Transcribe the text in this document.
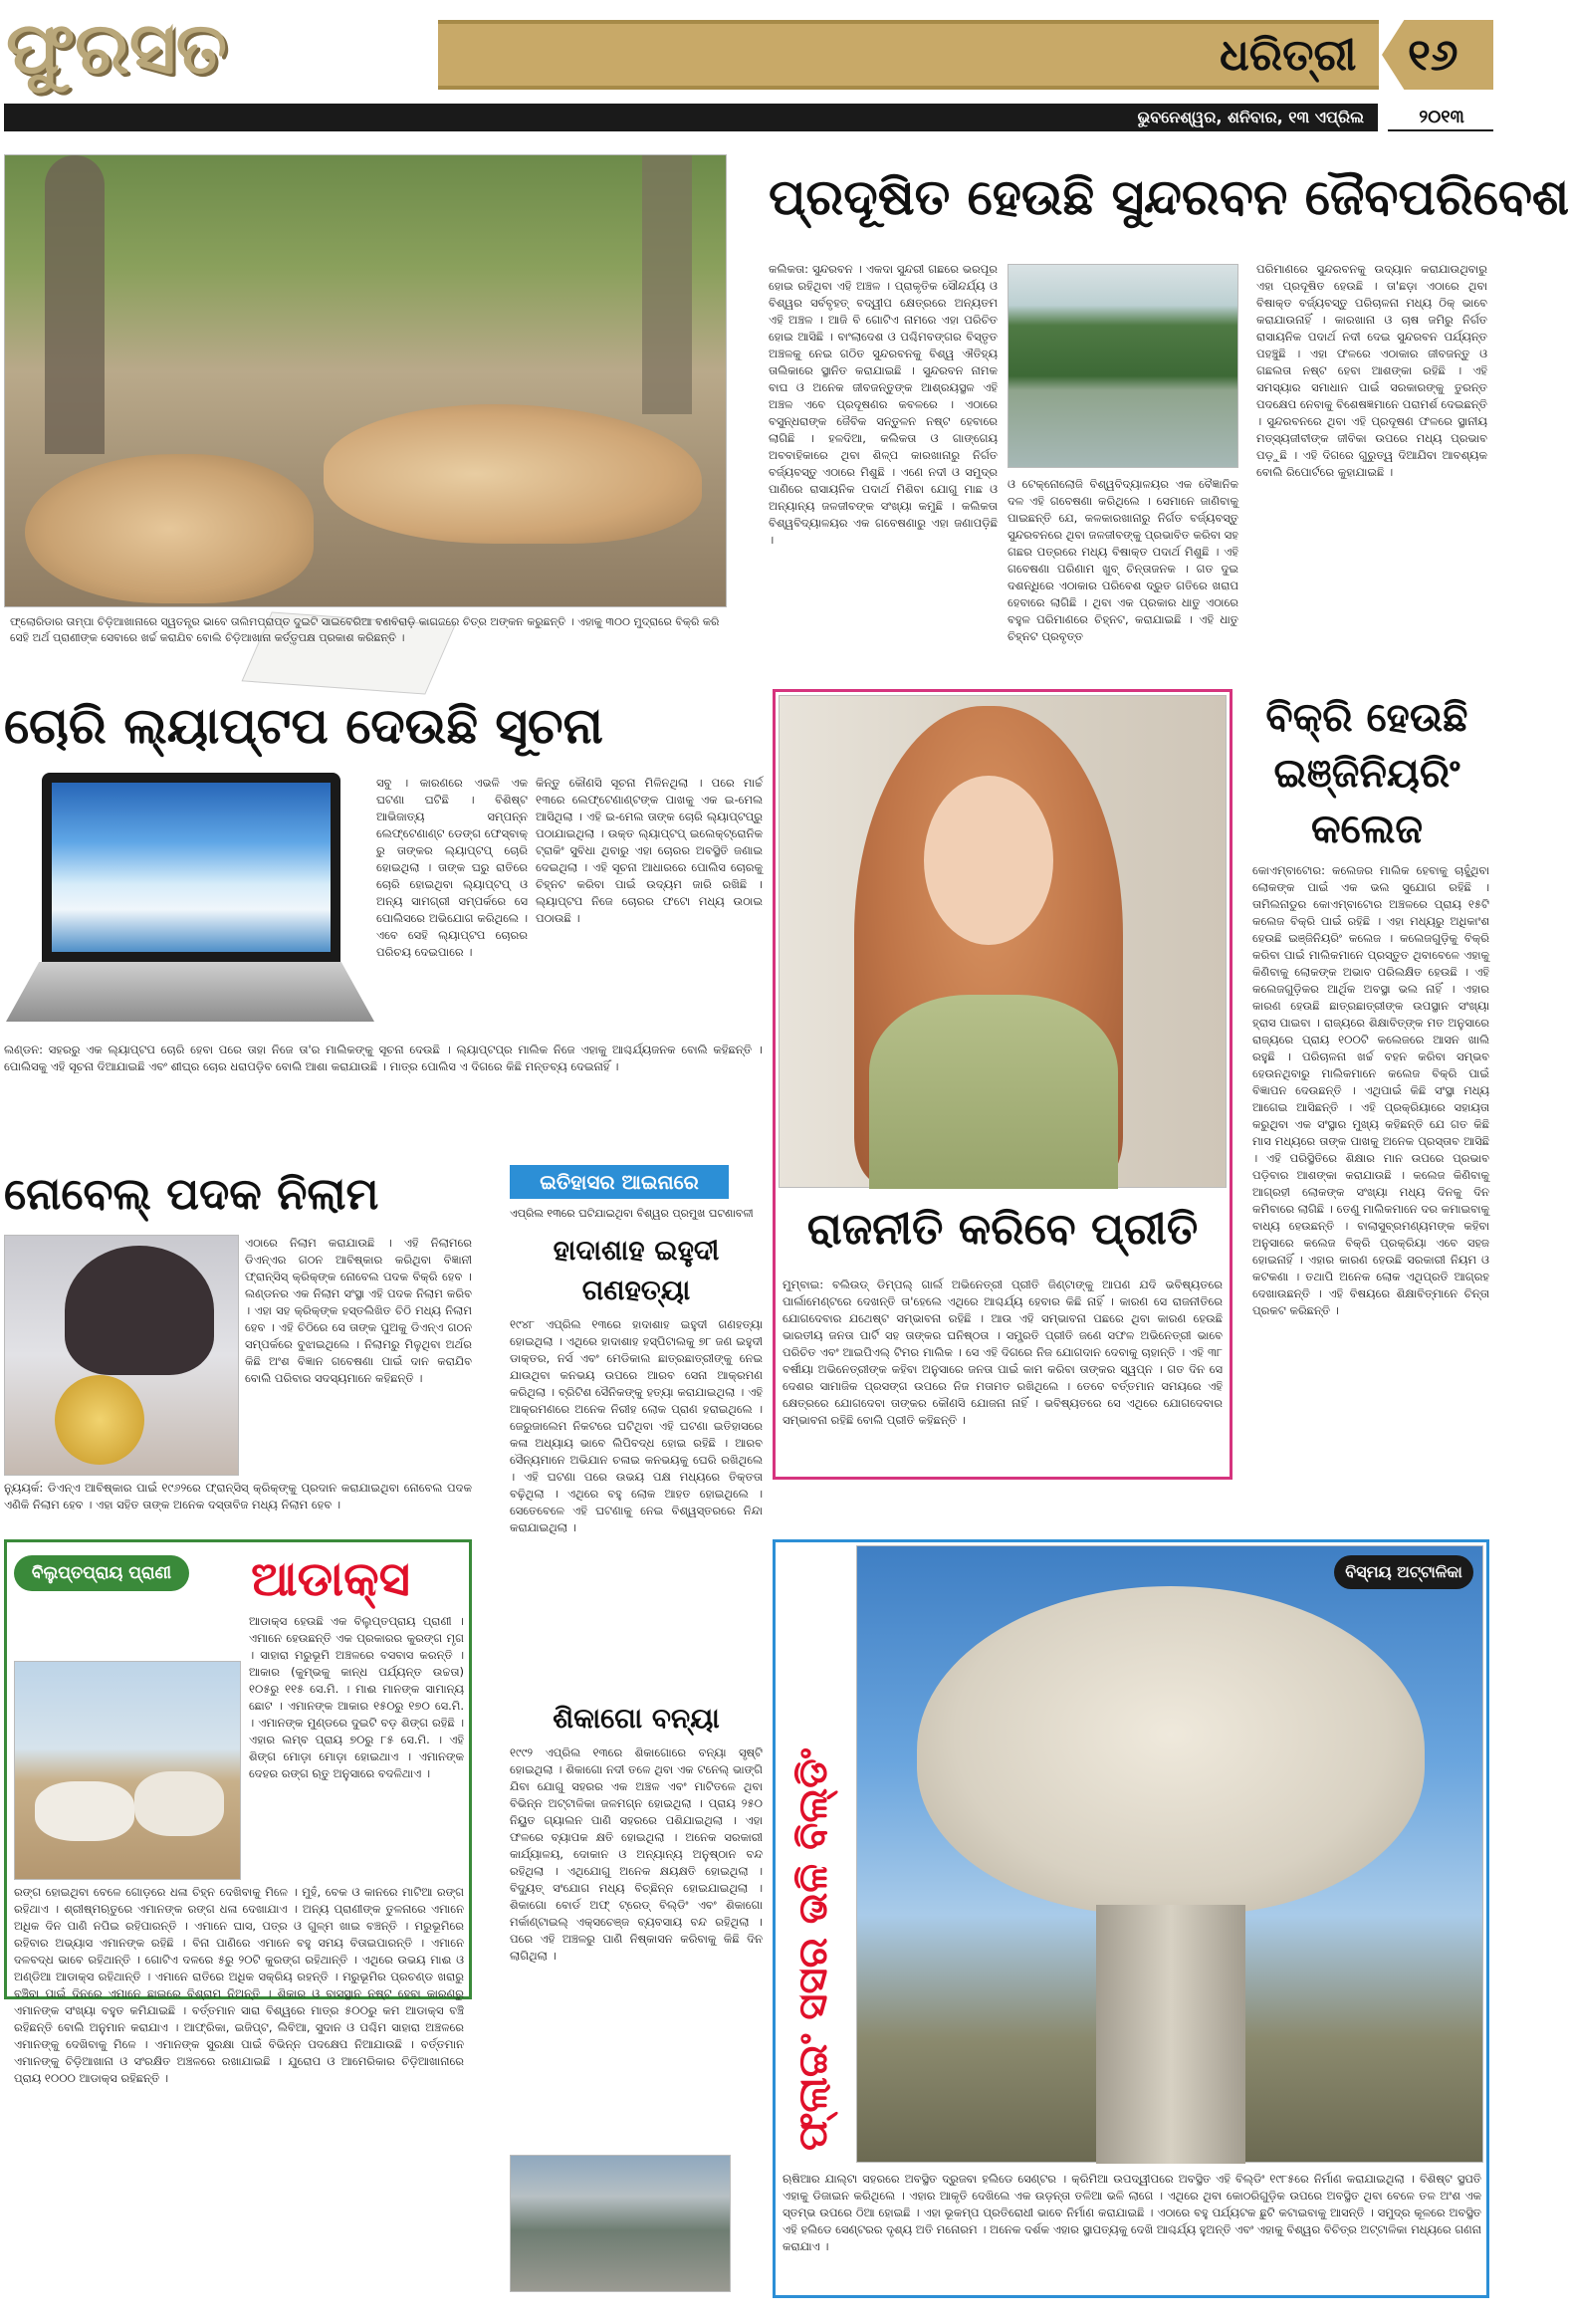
ଫୁରସତ	ଧରିତ୍ରୀ ୧୬
ଭୁବନେଶ୍ୱର, ଶନିବାର, ୧୩ ଏପ୍ରିଲ	୨୦୧୩
ଫ୍ଲୋରିଡାର ତାମ୍ପା ଚିଡ଼ିଆଖାନାରେ ସ୍ୱତନ୍ତ୍ର ଭାବେ ତାଲିମପ୍ରାପ୍ତ ଦୁଇଟି ସାଇବେରିଆ ବଣବିରାଡ଼ି କାଗଜରେ ଚିତ୍ର ଅଙ୍କନ କରୁଛନ୍ତି । ଏହାକୁ ୩୦୦ ମୁଦ୍ରାରେ ବିକ୍ରି କରି ସେହି ଅର୍ଥ ପ୍ରାଣୀଙ୍କ ସେବାରେ ଖର୍ଚ୍ଚ କରାଯିବ ବୋଲି ଚିଡ଼ିଆଖାନା କର୍ତ୍ତୃପକ୍ଷ ପ୍ରକାଶ କରିଛନ୍ତି ।
ପ୍ରଦୂଷିତ ହେଉଛି ସୁନ୍ଦରବନ ଜୈବପରିବେଶ
କଲିକତା: ସୁନ୍ଦରବନ । ଏକଦା ସୁନ୍ଦରୀ ଗଛରେ ଭରପୂର ହୋଇ ରହିଥିବା ଏହି ଅଞ୍ଚଳ । ପ୍ରାକୃତିକ ସୌନ୍ଦର୍ଯ୍ୟ ଓ ବିଶ୍ୱର ସର୍ବବୃହତ୍ ବଦ୍ୱୀପ କ୍ଷେତ୍ରରେ ଅନ୍ୟତମ ଏହି ଅଞ୍ଚଳ । ଆଜି ବି ଗୋଟିଏ ନାମରେ ଏହା ପରିଚିତ ହୋଇ ଆସିଛି । ବାଂଲାଦେଶ ଓ ପଶ୍ଚିମବଙ୍ଗର ବିସ୍ତୃତ ଅଞ୍ଚଳକୁ ନେଇ ଗଠିତ ସୁନ୍ଦରବନକୁ ବିଶ୍ୱ ଐତିହ୍ୟ ତାଲିକାରେ ସ୍ଥାନିତ କରାଯାଇଛି । ସୁନ୍ଦରବନ ନାମକ ବାଘ ଓ ଅନେକ ଜୀବଜନ୍ତୁଙ୍କ ଆଶ୍ରୟସ୍ଥଳ ଏହି ଅଞ୍ଚଳ ଏବେ ପ୍ରଦୂଷଣର କବଳରେ । ଏଠାରେ ବସୁନ୍ଧରାଙ୍କ ଜୈବିକ ସନ୍ତୁଳନ ନଷ୍ଟ ହେବାରେ ଲାଗିଛି । ହଳଦିଆ, କଲିକତା ଓ ଗାଙ୍ଗେୟ ଅବବାହିକାରେ ଥିବା ଶିଳ୍ପ କାରଖାନାରୁ ନିର୍ଗତ ବର୍ଜ୍ୟବସ୍ତୁ ଏଠାରେ ମିଶୁଛି । ଏଣେ ନଦୀ ଓ ସମୁଦ୍ର ପାଣିରେ ରାସାୟନିକ ପଦାର୍ଥ ମିଶିବା ଯୋଗୁ ମାଛ ଓ ଅନ୍ୟାନ୍ୟ ଜଳଜୀବଙ୍କ ସଂଖ୍ୟା କମୁଛି । କଲିକତା ବିଶ୍ୱବିଦ୍ୟାଳୟର ଏକ ଗବେଷଣାରୁ ଏହା ଜଣାପଡ଼ିଛି ।
ଓ ଟେକ୍ନୋଲୋଜି ବିଶ୍ୱବିଦ୍ୟାଳୟର ଏକ ବୈଜ୍ଞାନିକ ଦଳ ଏହି ଗବେଷଣା କରିଥିଲେ । ସେମାନେ ଜାଣିବାକୁ ପାଇଛନ୍ତି ଯେ, କଳକାରଖାନାରୁ ନିର୍ଗତ ବର୍ଜ୍ୟବସ୍ତୁ ସୁନ୍ଦରବନରେ ଥିବା ଜଳଜୀବଙ୍କୁ ପ୍ରଭାବିତ କରିବା ସହ ଗଛର ପତ୍ରରେ ମଧ୍ୟ ବିଷାକ୍ତ ପଦାର୍ଥ ମିଶୁଛି । ଏହି ଗବେଷଣା ପରିଣାମ ଖୁବ୍ ଚିନ୍ତାଜନକ । ଗତ ଦୁଇ ଦଶନ୍ଧିରେ ଏଠାକାର ପରିବେଶ ଦ୍ରୁତ ଗତିରେ ଖରାପ ହେବାରେ ଲାଗିଛି । ଥିବା ଏକ ପ୍ରକାର ଧାତୁ ଏଠାରେ ବହୁଳ ପରିମାଣରେ ଚିହ୍ନଟ, କରାଯାଇଛି । ଏହି ଧାତୁ ଚିହ୍ନଟ ପ୍ରବୃତ୍ତ
ପରିମାଣରେ ସୁନ୍ଦରବନକୁ ଉଦ୍ୟାନ କରାଯାଉଥିବାରୁ ଏହା ପ୍ରଦୂଷିତ ହେଉଛି । ତା'ଛଡ଼ା ଏଠାରେ ଥିବା ବିଷାକ୍ତ ବର୍ଜ୍ୟବସ୍ତୁ ପରିଚାଳନା ମଧ୍ୟ ଠିକ୍ ଭାବେ କରାଯାଉନାହିଁ । କାରଖାନା ଓ ଚାଷ ଜମିରୁ ନିର୍ଗତ ରାସାୟନିକ ପଦାର୍ଥ ନଦୀ ଦେଇ ସୁନ୍ଦରବନ ପର୍ଯ୍ୟନ୍ତ ପହଞ୍ଚୁଛି । ଏହା ଫଳରେ ଏଠାକାର ଜୀବଜନ୍ତୁ ଓ ଗଛଲତା ନଷ୍ଟ ହେବା ଆଶଙ୍କା ରହିଛି । ଏହି ସମସ୍ୟାର ସମାଧାନ ପାଇଁ ସରକାରଙ୍କୁ ତୁରନ୍ତ ପଦକ୍ଷେପ ନେବାକୁ ବିଶେଷଜ୍ଞମାନେ ପରାମର୍ଶ ଦେଇଛନ୍ତି । ସୁନ୍ଦରବନରେ ଥିବା ଏହି ପ୍ରଦୂଷଣ ଫଳରେ ସ୍ଥାନୀୟ ମତ୍ସ୍ୟଜୀବୀଙ୍କ ଜୀବିକା ଉପରେ ମଧ୍ୟ ପ୍ରଭାବ ପଡ଼ୁଛି । ଏହି ଦିଗରେ ଗୁରୁତ୍ୱ ଦିଆଯିବା ଆବଶ୍ୟକ ବୋଲି ରିପୋର୍ଟରେ କୁହାଯାଇଛି ।
ଚୋରି ଲ୍ୟାପ୍‌ଟପ ଦେଉଛି ସୂଚନା
ସବୁ । କାରଣରେ ଏଭଳି ଏକ ଘଟଣା ଘଟିଛି । ବିଶିଷ୍ଟ ଆଭିଜାତ୍ୟ ସମ୍ପନ୍ନ ଲେଫ୍‌ଟେଣାଣ୍ଟ ଡେଙ୍ଗ ଫେସ୍‌ବାକ୍ ରୁ ତାଙ୍କର ଲ୍ୟାପ୍‌ଟପ୍ ଚୋରି ହୋଇଥିଲା । ତାଙ୍କ ଘରୁ ରାତିରେ ଚୋରି ହୋଇଥିବା ଲ୍ୟାପ୍‌ଟପ୍ ଓ ଅନ୍ୟ ସାମଗ୍ରୀ ସମ୍ପର୍କରେ ସେ ପୋଲିସରେ ଅଭିଯୋଗ କରିଥିଲେ । ଏବେ ସେହି ଲ୍ୟାପ୍‌ଟପ ଚୋରର ପରିଚୟ ଦେଇପାରେ ।
କିନ୍ତୁ କୌଣସି ସୂଚନା ମିଳିନଥିଲା । ପରେ ମାର୍ଚ୍ଚ ୧୩ରେ ଲେଫ୍‌ଟେଣାଣ୍ଟଙ୍କ ପାଖକୁ ଏକ ଇ-ମେଲ ଆସିଥିଲା । ଏହି ଇ-ମେଲ ତାଙ୍କ ଚୋରି ଲ୍ୟାପ୍‌ଟପ୍‌ରୁ ପଠାଯାଇଥିଲା । ଉକ୍ତ ଲ୍ୟାପ୍‌ଟପ୍ ଇଲେକ୍‌ଟ୍ରୋନିକ ଟ୍ରାକିଂ ସୁବିଧା ଥିବାରୁ ଏହା ଚୋରର ଅବସ୍ଥିତି ଜଣାଇ ଦେଇଥିଲା । ଏହି ସୂଚନା ଆଧାରରେ ପୋଲିସ ଚୋରକୁ ଚିହ୍ନଟ କରିବା ପାଇଁ ଉଦ୍ୟମ ଜାରି ରଖିଛି । ଲ୍ୟାପ୍‌ଟପ ନିଜେ ଚୋରର ଫଟୋ ମଧ୍ୟ ଉଠାଇ ପଠାଉଛି ।
ଲଣ୍ଡନ: ସହରରୁ ଏକ ଲ୍ୟାପ୍‌ଟପ ଚୋରି ହେବା ପରେ ତାହା ନିଜେ ତା'ର ମାଲିକଙ୍କୁ ସୂଚନା ଦେଉଛି । ଲ୍ୟାପ୍‌ଟପ୍‌ର ମାଲିକ ନିଜେ ଏହାକୁ ଆଶ୍ଚର୍ଯ୍ୟଜନକ ବୋଲି କହିଛନ୍ତି । ପୋଲିସକୁ ଏହି ସୂଚନା ଦିଆଯାଇଛି ଏବଂ ଶୀଘ୍ର ଚୋର ଧରାପଡ଼ିବ ବୋଲି ଆଶା କରାଯାଉଛି । ମାତ୍ର ପୋଲିସ ଏ ଦିଗରେ କିଛି ମନ୍ତବ୍ୟ ଦେଇନାହିଁ ।
ରାଜନୀତି କରିବେ ପ୍ରୀତି
ମୁମ୍ବାଇ: ବଲିଉଡ୍ ଡିମ୍ପଲ୍ ଗାର୍ଲ ଅଭିନେତ୍ରୀ ପ୍ରୀତି ଜିଣ୍ଟାଙ୍କୁ ଆପଣ ଯଦି ଭବିଷ୍ୟତରେ ପାର୍ଲାମେଣ୍ଟରେ ଦେଖନ୍ତି ତା'ହେଲେ ଏଥିରେ ଆଶ୍ଚର୍ଯ୍ୟ ହେବାର କିଛି ନାହିଁ । କାରଣ ସେ ରାଜନୀତିରେ ଯୋଗଦେବାର ଯଥେଷ୍ଟ ସମ୍ଭାବନା ରହିଛି । ଆଉ ଏହି ସମ୍ଭାବନା ପଛରେ ଥିବା କାରଣ ହେଉଛି ଭାରତୀୟ ଜନତା ପାର୍ଟି ସହ ତାଙ୍କର ଘନିଷ୍ଠତା । ସମ୍ପ୍ରତି ପ୍ରୀତି ଜଣେ ସଫଳ ଅଭିନେତ୍ରୀ ଭାବେ ପରିଚିତ ଏବଂ ଆଇପିଏଲ୍ ଟିମର ମାଲିକ । ସେ ଏହି ଦିଗରେ ନିଜ ଯୋଗଦାନ ଦେବାକୁ ଚାହାନ୍ତି । ଏହି ୩୮ ବର୍ଷୀୟା ଅଭିନେତ୍ରୀଙ୍କ କହିବା ଅନୁସାରେ ଜନତା ପାଇଁ କାମ କରିବା ତାଙ୍କର ସ୍ୱପ୍ନ । ଗତ ଦିନ ସେ ଦେଶର ସାମାଜିକ ପ୍ରସଙ୍ଗ ଉପରେ ନିଜ ମତାମତ ରଖିଥିଲେ । ତେବେ ବର୍ତ୍ତମାନ ସମୟରେ ଏହି କ୍ଷେତ୍ରରେ ଯୋଗଦେବା ତାଙ୍କର କୌଣସି ଯୋଜନା ନାହିଁ । ଭବିଷ୍ୟତରେ ସେ ଏଥିରେ ଯୋଗଦେବାର ସମ୍ଭାବନା ରହିଛି ବୋଲି ପ୍ରୀତି କହିଛନ୍ତି ।
ବିକ୍ରି ହେଉଛି
ଇଞ୍ଜିନିୟରିଂ
କଲେଜ
କୋଏମ୍ବାଟୋର: କଲେଜର ମାଲିକ ହେବାକୁ ଚାହୁଁଥିବା ଲୋକଙ୍କ ପାଇଁ ଏକ ଭଲ ସୁଯୋଗ ରହିଛି । ତାମିଲନାଡୁର କୋଏମ୍ବାଟୋର ଅଞ୍ଚଳରେ ପ୍ରାୟ ୧୫ଟି କଲେଜ ବିକ୍ରି ପାଇଁ ରହିଛି । ଏହା ମଧ୍ୟରୁ ଅଧିକାଂଶ ହେଉଛି ଇଞ୍ଜିନିୟରିଂ କଲେଜ । କଲେଜଗୁଡ଼ିକୁ ବିକ୍ରି କରିବା ପାଇଁ ମାଲିକମାନେ ପ୍ରସ୍ତୁତ ଥିବାବେଳେ ଏହାକୁ କିଣିବାକୁ ଲୋକଙ୍କ ଅଭାବ ପରିଲକ୍ଷିତ ହେଉଛି । ଏହି କଲେଜଗୁଡ଼ିକର ଆର୍ଥିକ ଅବସ୍ଥା ଭଲ ନାହିଁ । ଏହାର କାରଣ ହେଉଛି ଛାତ୍ରଛାତ୍ରୀଙ୍କ ଉପସ୍ଥାନ ସଂଖ୍ୟା ହ୍ରାସ ପାଇବା । ରାଜ୍ୟରେ ଶିକ୍ଷାବିତ୍‌ଙ୍କ ମତ ଅନୁସାରେ ରାଜ୍ୟରେ ପ୍ରାୟ ୧୦୦ଟି କଲେଜରେ ଆସନ ଖାଲି ରହୁଛି । ପରିଚାଳନା ଖର୍ଚ୍ଚ ବହନ କରିବା ସମ୍ଭବ ହେଉନଥିବାରୁ ମାଲିକମାନେ କଲେଜ ବିକ୍ରି ପାଇଁ ବିଜ୍ଞାପନ ଦେଉଛନ୍ତି । ଏଥିପାଇଁ କିଛି ସଂସ୍ଥା ମଧ୍ୟ ଆଗେଇ ଆସିଛନ୍ତି । ଏହି ପ୍ରକ୍ରିୟାରେ ସହାୟତା କରୁଥିବା ଏକ ସଂସ୍ଥାର ମୁଖ୍ୟ କହିଛନ୍ତି ଯେ ଗତ କିଛି ମାସ ମଧ୍ୟରେ ତାଙ୍କ ପାଖକୁ ଅନେକ ପ୍ରସ୍ତାବ ଆସିଛି । ଏହି ପରିସ୍ଥିତିରେ ଶିକ୍ଷାର ମାନ ଉପରେ ପ୍ରଭାବ ପଡ଼ିବାର ଆଶଙ୍କା କରାଯାଉଛି । କଲେଜ କିଣିବାକୁ ଆଗ୍ରହୀ ଲୋକଙ୍କ ସଂଖ୍ୟା ମଧ୍ୟ ଦିନକୁ ଦିନ କମିବାରେ ଲାଗିଛି । ତେଣୁ ମାଲିକମାନେ ଦର କମାଇବାକୁ ବାଧ୍ୟ ହେଉଛନ୍ତି । ବାଲାସୁବ୍ରମଣ୍ୟମଙ୍କ କହିବା ଅନୁସାରେ କଲେଜ ବିକ୍ରି ପ୍ରକ୍ରିୟା ଏବେ ସହଜ ହୋଇନାହିଁ । ଏହାର କାରଣ ହେଉଛି ସରକାରୀ ନିୟମ ଓ କଟକଣା । ତଥାପି ଅନେକ ଲୋକ ଏଥିପ୍ରତି ଆଗ୍ରହ ଦେଖାଉଛନ୍ତି । ଏହି ବିଷୟରେ ଶିକ୍ଷାବିତ୍‌ମାନେ ଚିନ୍ତା ପ୍ରକଟ କରିଛନ୍ତି ।
ନୋବେଲ୍ ପଦକ ନିଲାମ
ଏଠାରେ ନିଲାମ କରାଯାଉଛି । ଏହି ନିଲାମରେ ଡିଏନ୍‌ଏର ଗଠନ ଆବିଷ୍କାର କରିଥିବା ବିଜ୍ଞାନୀ ଫ୍ରାନ୍ସିସ୍ କ୍ରିକ୍‌ଙ୍କ ନୋବେଲ ପଦକ ବିକ୍ରି ହେବ । ଲଣ୍ଡନର ଏକ ନିଲାମ ସଂସ୍ଥା ଏହି ପଦକ ନିଲାମ କରିବ । ଏହା ସହ କ୍ରିକ୍‌ଙ୍କ ହସ୍ତଲିଖିତ ଚିଠି ମଧ୍ୟ ନିଲାମ ହେବ । ଏହି ଚିଠିରେ ସେ ତାଙ୍କ ପୁଅକୁ ଡିଏନ୍‌ଏ ଗଠନ ସମ୍ପର୍କରେ ବୁଝାଇଥିଲେ । ନିଲାମରୁ ମିଳୁଥିବା ଅର୍ଥର କିଛି ଅଂଶ ବିଜ୍ଞାନ ଗବେଷଣା ପାଇଁ ଦାନ କରାଯିବ ବୋଲି ପରିବାର ସଦସ୍ୟମାନେ କହିଛନ୍ତି ।
ନ୍ୟୁୟର୍କ: ଡିଏନ୍‌ଏ ଆବିଷ୍କାର ପାଇଁ ୧୯୬୨ରେ ଫ୍ରାନ୍ସିସ୍ କ୍ରିକ୍‌ଙ୍କୁ ପ୍ରଦାନ କରାଯାଇଥିବା ନୋବେଲ ପଦକ ଏଣିକି ନିଲାମ ହେବ । ଏହା ସହିତ ତାଙ୍କ ଅନେକ ଦସ୍ତାବିଜ ମଧ୍ୟ ନିଲାମ ହେବ ।
ଇତିହାସର ଆଇନାରେ
ଏପ୍ରିଲ ୧୩ରେ ଘଟିଯାଇଥିବା ବିଶ୍ୱର ପ୍ରମୁଖ ଘଟଣାବଳୀ
ହାଦାଶାହ ଇହୁଦୀ
ଗଣହତ୍ୟା
୧୯୪୮ ଏପ୍ରିଲ ୧୩ରେ ହାଦାଶାହ ଇହୁଦୀ ଗଣହତ୍ୟା ହୋଇଥିଲା । ଏଥିରେ ହାଦାଶାହ ହସ୍ପିଟାଲକୁ ୭୮ ଜଣ ଇହୁଦୀ ଡାକ୍ତର, ନର୍ସ ଏବଂ ମେଡିକାଲ ଛାତ୍ରଛାତ୍ରୀଙ୍କୁ ନେଇ ଯାଉଥିବା କନଭୟ ଉପରେ ଆରବ ସେନା ଆକ୍ରମଣ କରିଥିଲା । ବ୍ରିଟିଶ ସୈନିକଙ୍କୁ ହତ୍ୟା କରାଯାଇଥିଲା । ଏହି ଆକ୍ରମଣରେ ଅନେକ ନିରୀହ ଲୋକ ପ୍ରାଣ ହରାଇଥିଲେ । ଜେରୁଜାଲେମ ନିକଟରେ ଘଟିଥିବା ଏହି ଘଟଣା ଇତିହାସରେ କଳା ଅଧ୍ୟାୟ ଭାବେ ଲିପିବଦ୍ଧ ହୋଇ ରହିଛି । ଆରବ ସୈନ୍ୟମାନେ ଅଭିଯାନ ଚଳାଇ କନଭୟକୁ ଘେରି ରଖିଥିଲେ । ଏହି ଘଟଣା ପରେ ଉଭୟ ପକ୍ଷ ମଧ୍ୟରେ ତିକ୍ତତା ବଢ଼ିଥିଲା । ଏଥିରେ ବହୁ ଲୋକ ଆହତ ହୋଇଥିଲେ । ସେତେବେଳେ ଏହି ଘଟଣାକୁ ନେଇ ବିଶ୍ୱସ୍ତରରେ ନିନ୍ଦା କରାଯାଇଥିଲା ।
ଶିକାଗୋ ବନ୍ୟା
୧୯୯୨ ଏପ୍ରିଲ ୧୩ରେ ଶିକାଗୋରେ ବନ୍ୟା ସୃଷ୍ଟି ହୋଇଥିଲା । ଶିକାଗୋ ନଦୀ ତଳେ ଥିବା ଏକ ଟନେଲ୍ ଭାଙ୍ଗି ଯିବା ଯୋଗୁ ସହରର ଏକ ଅଞ୍ଚଳ ଏବଂ ମାଟିତଳେ ଥିବା ବିଭିନ୍ନ ଅଟ୍ଟାଳିକା ଜଳମଗ୍ନ ହୋଇଥିଲା । ପ୍ରାୟ ୨୫୦ ନିୟୁତ ଗ୍ୟାଲନ ପାଣି ସହରରେ ପଶିଯାଇଥିଲା । ଏହା ଫଳରେ ବ୍ୟାପକ କ୍ଷତି ହୋଇଥିଲା । ଅନେକ ସରକାରୀ କାର୍ଯ୍ୟାଳୟ, ଦୋକାନ ଓ ଅନ୍ୟାନ୍ୟ ଅନୁଷ୍ଠାନ ବନ୍ଦ ରହିଥିଲା । ଏଥିଯୋଗୁ ଅନେକ କ୍ଷୟକ୍ଷତି ହୋଇଥିଲା । ବିଦ୍ୟୁତ୍ ସଂଯୋଗ ମଧ୍ୟ ବିଚ୍ଛିନ୍ନ ହୋଇଯାଇଥିଲା । ଶିକାଗୋ ବୋର୍ଡ ଅଫ୍ ଟ୍ରେଡ୍ ବିଲ୍ଡିଂ ଏବଂ ଶିକାଗୋ ମର୍କାଣ୍ଟାଇଲ୍ ଏକ୍ସଚେଞ୍ଜ ବ୍ୟବସାୟ ବନ୍ଦ ରହିଥିଲା । ପରେ ଏହି ଅଞ୍ଚଳରୁ ପାଣି ନିଷ୍କାସନ କରିବାକୁ କିଛି ଦିନ ଲାଗିଥିଲା ।
ବିଲୁପ୍ତପ୍ରାୟ ପ୍ରାଣୀ	ଆଡାକ୍ସ
ଆଡାକ୍ସ ହେଉଛି ଏକ ବିଲୁପ୍ତପ୍ରାୟ ପ୍ରାଣୀ । ଏମାନେ ହେଉଛନ୍ତି ଏକ ପ୍ରକାରର କୁରଙ୍ଗ ମୃଗ । ସାହାରା ମରୁଭୂମି ଅଞ୍ଚଳରେ ବସବାସ କରନ୍ତି । ଆକାର (କୁମ୍ଭକୁ କାନ୍ଧ ପର୍ଯ୍ୟନ୍ତ ଉଚ୍ଚତା) ୧୦୫ରୁ ୧୧୫ ସେ.ମି. । ମାଈ ମାନଙ୍କ ସାମାନ୍ୟ ଛୋଟ । ଏମାନଙ୍କ ଆକାର ୧୫୦ରୁ ୧୭୦ ସେ.ମି. । ଏମାନଙ୍କ ମୁଣ୍ଡରେ ଦୁଇଟି ବଡ଼ ଶିଙ୍ଗ ରହିଛି । ଏହାର ଲମ୍ବ ପ୍ରାୟ ୭୦ରୁ ୮୫ ସେ.ମି. । ଏହି ଶିଙ୍ଗ ମୋଡ଼ା ମୋଡ଼ା ହୋଇଥାଏ । ଏମାନଙ୍କ ଦେହର ରଙ୍ଗ ଋତୁ ଅନୁସାରେ ବଦଳିଥାଏ ।
ରଙ୍ଗ ହୋଇଥିବା ବେଳେ ଗୋଡ଼ରେ ଧଳା ଚିହ୍ନ ଦେଖିବାକୁ ମିଳେ । ମୁହଁ, ବେକ ଓ କାନରେ ମାଟିଆ ରଙ୍ଗ ରହିଥାଏ । ଶ୍ରୀଷ୍ମଋତୁରେ ଏମାନଙ୍କ ରଙ୍ଗ ଧଳା ଦେଖାଯାଏ । ଅନ୍ୟ ପ୍ରାଣୀଙ୍କ ତୁଳନାରେ ଏମାନେ ଅଧିକ ଦିନ ପାଣି ନପିଇ ରହିପାରନ୍ତି । ଏମାନେ ଘାସ, ପତ୍ର ଓ ଗୁଳ୍ମ ଖାଇ ବଞ୍ଚନ୍ତି । ମରୁଭୂମିରେ ରହିବାର ଅଭ୍ୟାସ ଏମାନଙ୍କ ରହିଛି । ବିନା ପାଣିରେ ଏମାନେ ବହୁ ସମୟ ବିତାଇପାରନ୍ତି । ଏମାନେ ଦଳବଦ୍ଧ ଭାବେ ରହିଥାନ୍ତି । ଗୋଟିଏ ଦଳରେ ୫ରୁ ୨୦ଟି କୁରଙ୍ଗ ରହିଥାନ୍ତି । ଏଥିରେ ଉଭୟ ମାଈ ଓ ଅଣ୍ଡିଆ ଆଡାକ୍ସ ରହିଥାନ୍ତି । ଏମାନେ ରାତିରେ ଅଧିକ ସକ୍ରିୟ ରହନ୍ତି । ମରୁଭୂମିର ପ୍ରଚଣ୍ଡ ଖରାରୁ ବଞ୍ଚିବା ପାଇଁ ଦିନରେ ଏମାନେ ଛାଇରେ ବିଶ୍ରାମ ନିଅନ୍ତି । ଶିକାର ଓ ବାସସ୍ଥାନ ନଷ୍ଟ ହେବା କାରଣରୁ ଏମାନଙ୍କ ସଂଖ୍ୟା ବହୁତ କମିଯାଇଛି । ବର୍ତ୍ତମାନ ସାରା ବିଶ୍ୱରେ ମାତ୍ର ୫୦୦ରୁ କମ ଆଡାକ୍ସ ବଞ୍ଚି ରହିଛନ୍ତି ବୋଲି ଅନୁମାନ କରାଯାଏ । ଆଫ୍ରିକା, ଇଜିପ୍ଟ, ଲିବିଆ, ସୁଦାନ ଓ ପଶ୍ଚିମ ସାହାରା ଅଞ୍ଚଳରେ ଏମାନଙ୍କୁ ଦେଖିବାକୁ ମିଳେ । ଏମାନଙ୍କ ସୁରକ୍ଷା ପାଇଁ ବିଭିନ୍ନ ପଦକ୍ଷେପ ନିଆଯାଉଛି । ବର୍ତ୍ତମାନ ଏମାନଙ୍କୁ ଚିଡ଼ିଆଖାନା ଓ ସଂରକ୍ଷିତ ଅଞ୍ଚଳରେ ରଖାଯାଇଛି । ଯୁରୋପ ଓ ଆମେରିକାର ଚିଡ଼ିଆଖାନାରେ ପ୍ରାୟ ୧୦୦୦ ଆଡାକ୍ସ ରହିଛନ୍ତି ।	ଫ୍ଲାଇଂ ସସର ଭଳି ବିଲ୍ଡିଂ
ବିସ୍ମୟ ଅଟ୍ଟାଳିକା
ଋଷିଆର ଯାଲ୍ଟା ସହରରେ ଅବସ୍ଥିତ ଦ୍ରୁଜବା ହଲିଡେ ସେଣ୍ଟର । କ୍ରିମିଆ ଉପଦ୍ୱୀପରେ ଅବସ୍ଥିତ ଏହି ବିଲ୍ଡିଂ ୧୯୮୫ରେ ନିର୍ମାଣ କରାଯାଇଥିଲା । ବିଶିଷ୍ଟ ସ୍ଥପତି ଏହାକୁ ଡିଜାଇନ କରିଥିଲେ । ଏହାର ଆକୃତି ଦେଖିଲେ ଏକ ଉଡ଼ନ୍ତା ତଳିଆ ଭଳି ଲାଗେ । ଏଥିରେ ଥିବା କୋଠରିଗୁଡ଼ିକ ଉପରେ ଅବସ୍ଥିତ ଥିବା ବେଳେ ତଳ ଅଂଶ ଏକ ସ୍ତମ୍ଭ ଉପରେ ଠିଆ ହୋଇଛି । ଏହା ଭୂକମ୍ପ ପ୍ରତିରୋଧୀ ଭାବେ ନିର୍ମାଣ କରାଯାଇଛି । ଏଠାରେ ବହୁ ପର୍ଯ୍ୟଟକ ଛୁଟି କଟାଇବାକୁ ଆସନ୍ତି । ସମୁଦ୍ର କୂଳରେ ଅବସ୍ଥିତ ଏହି ହଲିଡେ ସେଣ୍ଟରର ଦୃଶ୍ୟ ଅତି ମନୋରମ । ଅନେକ ଦର୍ଶକ ଏହାର ସ୍ଥାପତ୍ୟକୁ ଦେଖି ଆଶ୍ଚର୍ଯ୍ୟ ହୁଅନ୍ତି ଏବଂ ଏହାକୁ ବିଶ୍ୱର ବିଚିତ୍ର ଅଟ୍ଟାଳିକା ମଧ୍ୟରେ ଗଣନା କରାଯାଏ ।
